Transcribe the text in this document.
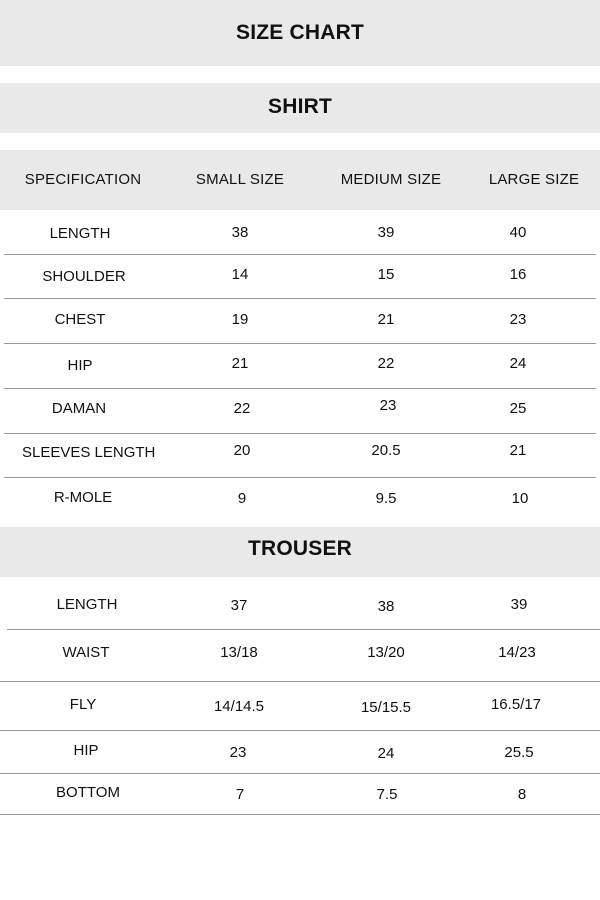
SIZE CHART
SHIRT
TROUSER
SPECIFICATION	SMALL SIZE	MEDIUM SIZE	LARGE SIZE
LENGTH	38	39	40
SHOULDER	14	15	16
CHEST	19	21	23
HIP	21	22	24
DAMAN	22	23	25
SLEEVES LENGTH	20	20.5	21
R-MOLE	9	9.5	10
LENGTH	37	38	39
WAIST	13/18	13/20	14/23
FLY	14/14.5	15/15.5	16.5/17
HIP	23	24	25.5
BOTTOM	7	7.5	8
